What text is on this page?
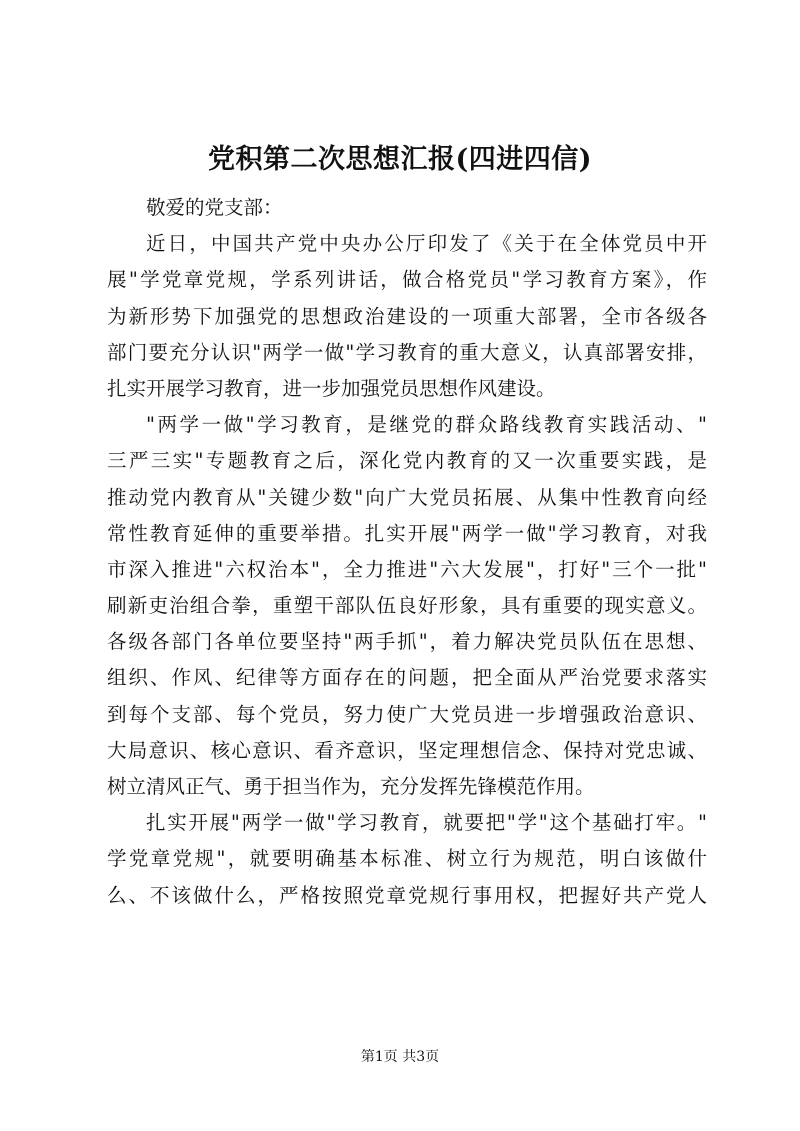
党积第二次思想汇报(四进四信)
敬爱的党支部：
近日，中国共产党中央办公厅印发了《关于在全体党员中开
展"学党章党规，学系列讲话，做合格党员"学习教育方案》，作
为新形势下加强党的思想政治建设的一项重大部署，全市各级各
部门要充分认识"两学一做"学习教育的重大意义，认真部署安排，
扎实开展学习教育，进一步加强党员思想作风建设。
"两学一做"学习教育，是继党的群众路线教育实践活动、"
三严三实"专题教育之后，深化党内教育的又一次重要实践，是
推动党内教育从"关键少数"向广大党员拓展、从集中性教育向经
常性教育延伸的重要举措。扎实开展"两学一做"学习教育，对我
市深入推进"六权治本"，全力推进"六大发展"，打好"三个一批"
刷新吏治组合拳，重塑干部队伍良好形象，具有重要的现实意义。
各级各部门各单位要坚持"两手抓"，着力解决党员队伍在思想、
组织、作风、纪律等方面存在的问题，把全面从严治党要求落实
到每个支部、每个党员，努力使广大党员进一步增强政治意识、
大局意识、核心意识、看齐意识，坚定理想信念、保持对党忠诚、
树立清风正气、勇于担当作为，充分发挥先锋模范作用。
扎实开展"两学一做"学习教育，就要把"学"这个基础打牢。"
学党章党规"，就要明确基本标准、树立行为规范，明白该做什
么、不该做什么，严格按照党章党规行事用权，把握好共产党人
第1页 共3页
